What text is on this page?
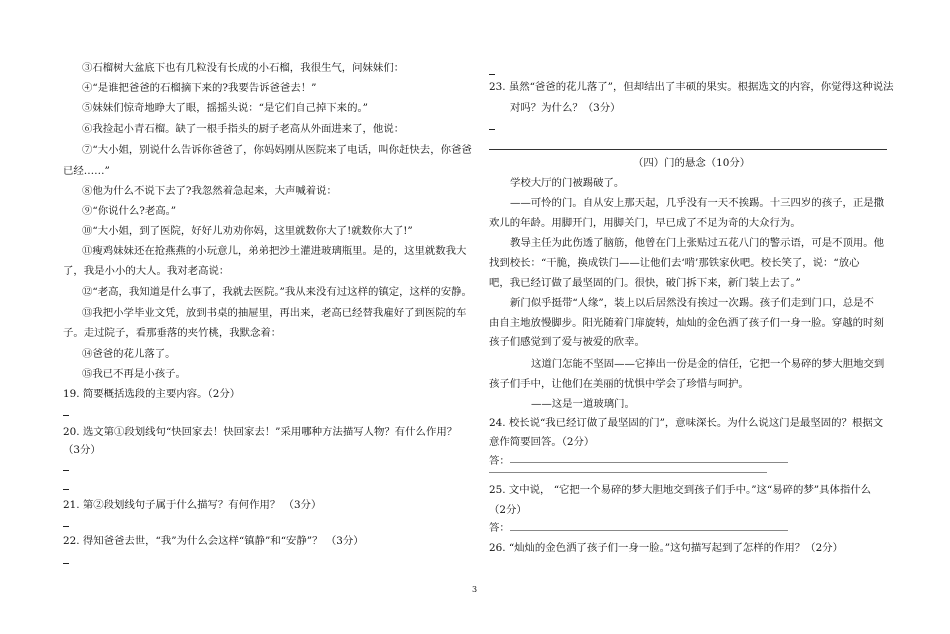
③石榴树大盆底下也有几粒没有长成的小石榴，我很生气，问妹妹们：
④“是谁把爸爸的石榴摘下来的?我要告诉爸爸去！”
⑤妹妹们惊奇地睁大了眼，摇摇头说：“是它们自己掉下来的。”
⑥我捡起小青石榴。缺了一根手指头的厨子老高从外面进来了，他说：
⑦“大小姐，别说什么告诉你爸爸了，你妈妈刚从医院来了电话，叫你赶快去，你爸爸
已经……”
⑧他为什么不说下去了?我忽然着急起来，大声喊着说：
⑨“你说什么?老高。”
⑩“大小姐，到了医院，好好儿劝劝你妈，这里就数你大了!就数你大了!”
⑪瘦鸡妹妹还在抢燕燕的小玩意儿，弟弟把沙土灌进玻璃瓶里。是的，这里就数我大
了，我是小小的大人。我对老高说：
⑫“老高，我知道是什么事了，我就去医院。”我从来没有过这样的镇定，这样的安静。
⑬我把小学毕业文凭，放到书桌的抽屉里，再出来，老高已经替我雇好了到医院的车
子。走过院子，看那垂落的夹竹桃，我默念着：
⑭爸爸的花儿落了。
⑮我已不再是小孩子。
19. 简要概括选段的主要内容。（2分）
20. 选文第①段划线句“快回家去！快回家去！”采用哪种方法描写人物？有什么作用？
（3分）
21. 第②段划线句子属于什么描写？有何作用？ （3分）
22. 得知爸爸去世，“我”为什么会这样“镇静”和“安静”？ （3分）
23. 虽然“爸爸的花儿落了”，但却结出了丰硕的果实。根据选文的内容，你觉得这种说法
对吗？为什么？（3分）
（四）门的悬念（10分）
学校大厅的门被踢破了。
——可怜的门。自从安上那天起，几乎没有一天不挨踢。十三四岁的孩子，正是撒
欢儿的年龄。用脚开门，用脚关门，早已成了不足为奇的大众行为。
教导主任为此伤透了脑筋，他曾在门上张贴过五花八门的警示语，可是不顶用。他
找到校长：“干脆，换成铁门——让他们去‘啃’那铁家伙吧。校长笑了，说：“放心
吧，我已经订做了最坚固的门。很快，破门拆下来，新门装上去了。”
新门似乎挺带“人缘”，装上以后居然没有挨过一次踢。孩子们走到门口，总是不
由自主地放慢脚步。阳光随着门扉旋转，灿灿的金色洒了孩子们一身一脸。穿越的时刻
孩子们感觉到了爱与被爱的欣幸。
这道门怎能不坚固——它捧出一份是金的信任，它把一个易碎的梦大胆地交到
孩子们手中，让他们在美丽的忧惧中学会了珍惜与呵护。
——这是一道玻璃门。
24. 校长说“我已经订做了最坚固的门”，意味深长。为什么说这门是最坚固的？根据文
意作简要回答。（2分）
答：
25. 文中说， “它把一个易碎的梦大胆地交到孩子们手中。”这“易碎的梦”具体指什么
（2分）
答：
26. “灿灿的金色洒了孩子们一身一脸。”这句描写起到了怎样的作用？（2分）
3
